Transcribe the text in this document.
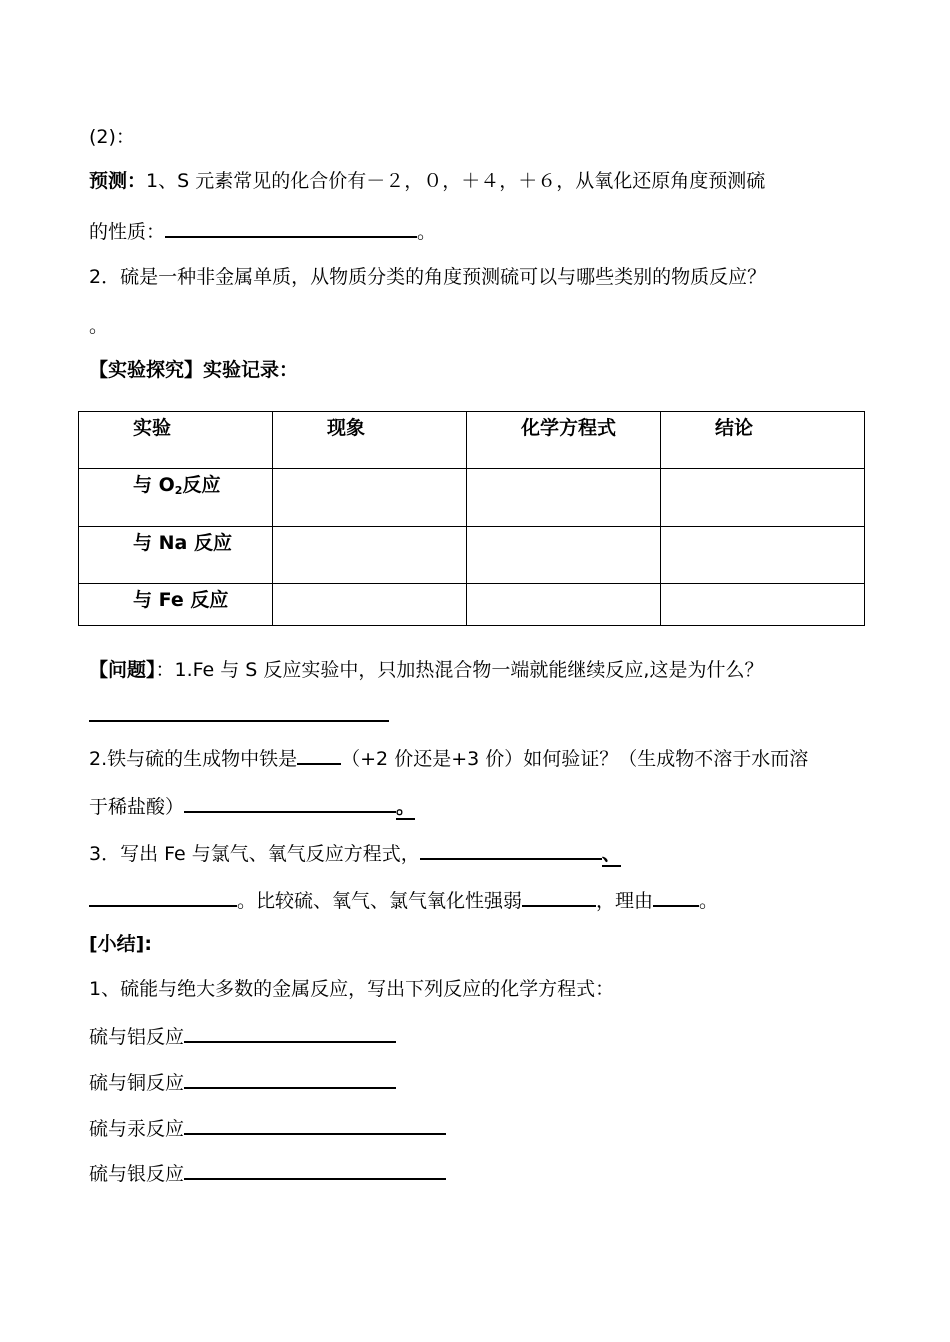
(2)：
预测：1、S 元素常见的化合价有－２，０，＋４，＋６，从氧化还原角度预测硫
的性质：	。
2．硫是一种非金属单质，从物质分类的角度预测硫可以与哪些类别的物质反应？
。
【实验探究】实验记录：
实验	现象	化学方程式	结论
与 $O_2$反应			
与 Na 反应			
与 Fe 反应			
【问题】：1.Fe 与 S 反应实验中，只加热混合物一端就能继续反应,这是为什么？
2.铁与硫的生成物中铁是 （+2 价还是+3 价）如何验证？（生成物不溶于水而溶
于稀盐酸）	。
3．写出 Fe 与氯气、氧气反应方程式，	、
。比较硫、氧气、氯气氧化性强弱	，理由 。
[小结]:
1、硫能与绝大多数的金属反应，写出下列反应的化学方程式：
硫与铝反应
硫与铜反应
硫与汞反应
硫与银反应
